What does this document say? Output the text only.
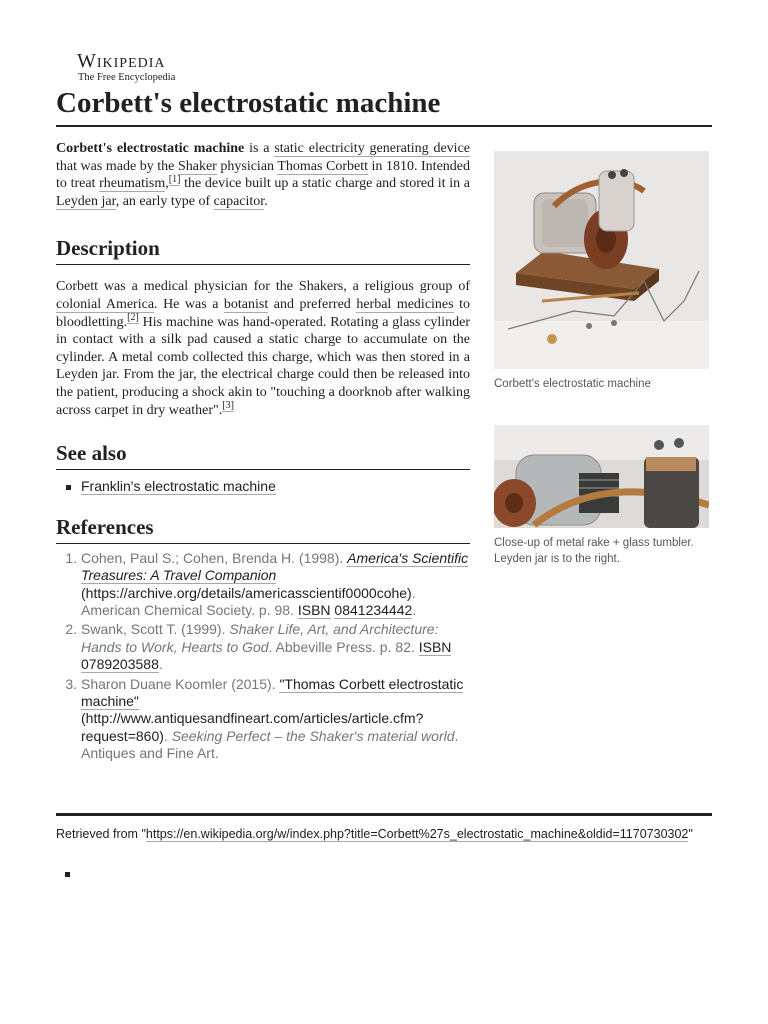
Wikipedia
The Free Encyclopedia
Corbett's electrostatic machine

Corbett's electrostatic machine is a static electricity generating device that was made by the Shaker physician Thomas Corbett in 1810. Intended to treat rheumatism,[1] the device built up a static charge and stored it in a Leyden jar, an early type of capacitor.

Description

Corbett was a medical physician for the Shakers, a religious group of colonial America. He was a botanist and preferred herbal medicines to bloodletting.[2] His machine was hand-operated. Rotating a glass cylinder in contact with a silk pad caused a static charge to accumulate on the cylinder. A metal comb collected this charge, which was then stored in a Leyden jar. From the jar, the electrical charge could then be released into the patient, producing a shock akin to "touching a doorknob after walking across carpet in dry weather".[3]

See also
Franklin's electrostatic machine
References
1. Cohen, Paul S.; Cohen, Brenda H. (1998). America's Scientific Treasures: A Travel Companion (https://archive.org/details/americasscientif0000cohe). American Chemical Society. p. 98. ISBN 0841234442.
2. Swank, Scott T. (1999). Shaker Life, Art, and Architecture: Hands to Work, Hearts to God. Abbeville Press. p. 82. ISBN 0789203588.
3. Sharon Duane Koomler (2015). "Thomas Corbett electrostatic machine" (http://www.antiquesandfineart.com/articles/article.cfm?request=860). Seeking Perfect – the Shaker's material world. Antiques and Fine Art.
Corbett's electrostatic machine
Close-up of metal rake + glass tumbler. Leyden jar is to the right.
Retrieved from "https://en.wikipedia.org/w/index.php?title=Corbett%27s_electrostatic_machine&oldid=1170730302"
